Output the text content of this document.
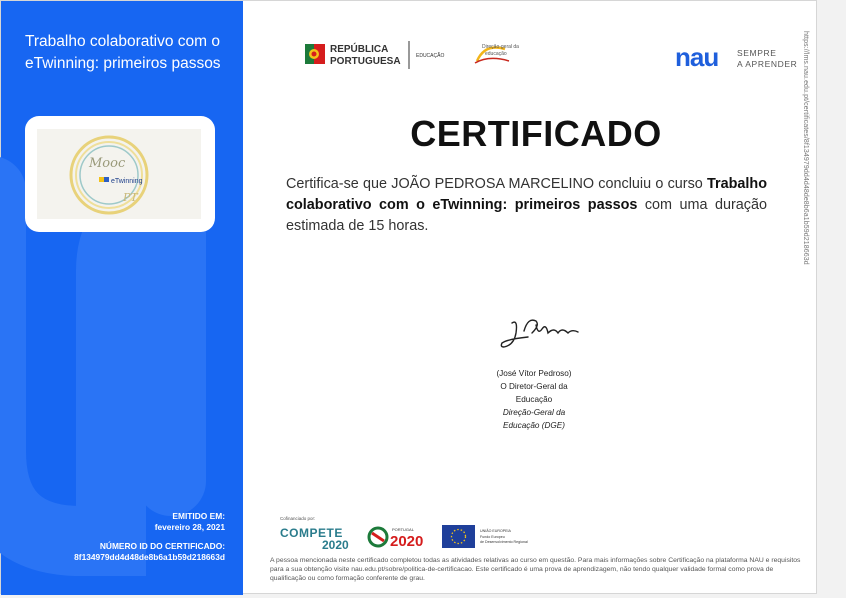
Trabalho colaborativo com o eTwinning: primeiros passos
Mooc
eTwinning
PT
EMITIDO EM:
fevereiro 28, 2021
NÚMERO ID DO CERTIFICADO:
8f134979dd4d48de8b6a1b59d218663d
REPÚBLICA
PORTUGUESA	EDUCAÇÃO
Direção-geral da
educação	nau SEMPRE
A APRENDER https://lms.nau.edu.pt/certificates/8f134979dd4d48de8b6a1b59d218663d
CERTIFICADO
Certifica-se que JOÃO PEDROSA MARCELINO concluiu o curso Trabalho colaborativo com o eTwinning: primeiros passos com uma duração estimada de 15 horas.
(José Vítor Pedroso)
O Diretor-Geral da
Educação
Direção-Geral da
Educação (DGE)
Cofinanciado por:
COMPETE
2020
PORTUGAL
2020
UNIÃO EUROPEIA
Fundo Europeu
de Desenvolvimento Regional
A pessoa mencionada neste certificado completou todas as atividades relativas ao curso em questão. Para mais informações sobre Certificação na plataforma NAU e requisitos para a sua obtenção visite nau.edu.pt/sobre/politica-de-certificacao. Este certificado é uma prova de aprendizagem, não tendo qualquer validade formal como prova de qualificação ou como formação conferente de grau.
